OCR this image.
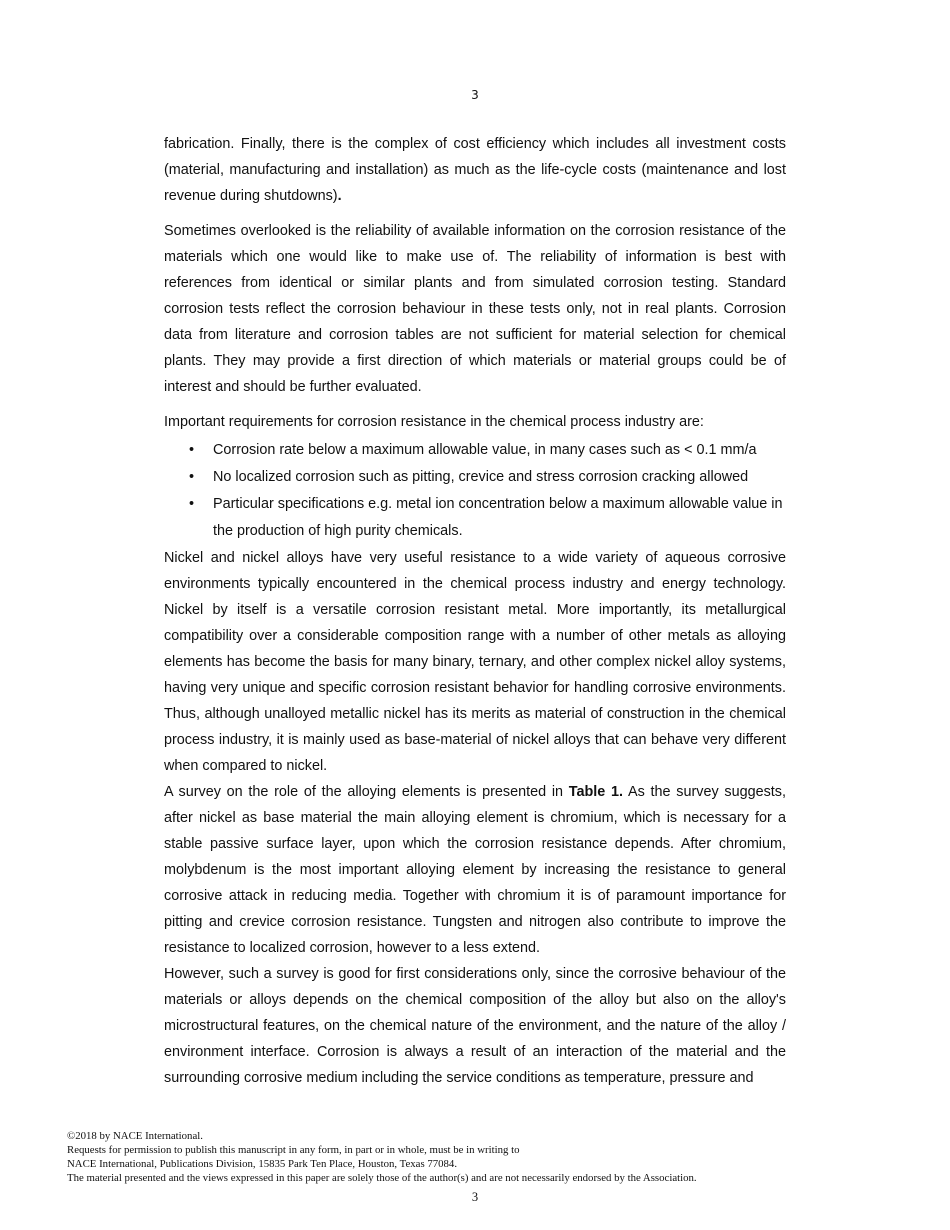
3

fabrication. Finally, there is the complex of cost efficiency which includes all investment costs (material, manufacturing and installation) as much as the life-cycle costs (maintenance and lost revenue during shutdowns).

Sometimes overlooked is the reliability of available information on the corrosion resistance of the materials which one would like to make use of. The reliability of information is best with references from identical or similar plants and from simulated corrosion testing. Standard corrosion tests reflect the corrosion behaviour in these tests only, not in real plants. Corrosion data from literature and corrosion tables are not sufficient for material selection for chemical plants. They may provide a first direction of which materials or material groups could be of interest and should be further evaluated.

Important requirements for corrosion resistance in the chemical process industry are:

• Corrosion rate below a maximum allowable value, in many cases such as < 0.1 mm/a
• No localized corrosion such as pitting, crevice and stress corrosion cracking allowed
• Particular specifications e.g. metal ion concentration below a maximum allowable value in the production of high purity chemicals.

Nickel and nickel alloys have very useful resistance to a wide variety of aqueous corrosive environments typically encountered in the chemical process industry and energy technology. Nickel by itself is a versatile corrosion resistant metal. More importantly, its metallurgical compatibility over a considerable composition range with a number of other metals as alloying elements has become the basis for many binary, ternary, and other complex nickel alloy systems, having very unique and specific corrosion resistant behavior for handling corrosive environments. Thus, although unalloyed metallic nickel has its merits as material of construction in the chemical process industry, it is mainly used as base-material of nickel alloys that can behave very different when compared to nickel.

A survey on the role of the alloying elements is presented in Table 1. As the survey suggests, after nickel as base material the main alloying element is chromium, which is necessary for a stable passive surface layer, upon which the corrosion resistance depends. After chromium, molybdenum is the most important alloying element by increasing the resistance to general corrosive attack in reducing media. Together with chromium it is of paramount importance for pitting and crevice corrosion resistance. Tungsten and nitrogen also contribute to improve the resistance to localized corrosion, however to a less extend.

However, such a survey is good for first considerations only, since the corrosive behaviour of the materials or alloys depends on the chemical composition of the alloy but also on the alloy's microstructural features, on the chemical nature of the environment, and the nature of the alloy / environment interface. Corrosion is always a result of an interaction of the material and the surrounding corrosive medium including the service conditions as temperature, pressure and

©2018 by NACE International.
Requests for permission to publish this manuscript in any form, in part or in whole, must be in writing to
NACE International, Publications Division, 15835 Park Ten Place, Houston, Texas 77084.
The material presented and the views expressed in this paper are solely those of the author(s) and are not necessarily endorsed by the Association.
3
